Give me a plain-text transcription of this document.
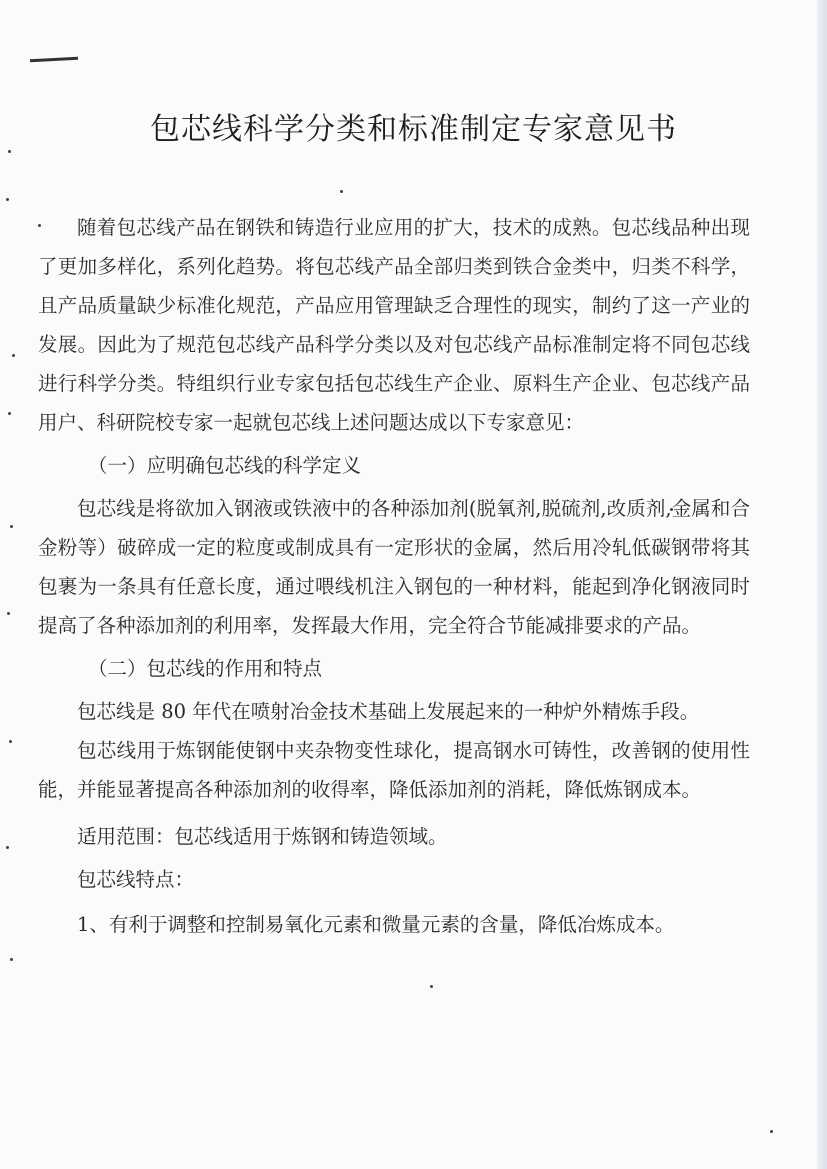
包芯线科学分类和标准制定专家意见书

随着包芯线产品在钢铁和铸造行业应用的扩大，技术的成熟。包芯线品种出现了更加多样化，系列化趋势。将包芯线产品全部归类到铁合金类中，归类不科学，且产品质量缺少标准化规范，产品应用管理缺乏合理性的现实，制约了这一产业的发展。因此为了规范包芯线产品科学分类以及对包芯线产品标准制定将不同包芯线进行科学分类。特组织行业专家包括包芯线生产企业、原料生产企业、包芯线产品用户、科研院校专家一起就包芯线上述问题达成以下专家意见：

（一）应明确包芯线的科学定义

包芯线是将欲加入钢液或铁液中的各种添加剂(脱氧剂,脱硫剂,改质剂,金属和合金粉等）破碎成一定的粒度或制成具有一定形状的金属，然后用冷轧低碳钢带将其包裹为一条具有任意长度，通过喂线机注入钢包的一种材料，能起到净化钢液同时提高了各种添加剂的利用率，发挥最大作用，完全符合节能减排要求的产品。

（二）包芯线的作用和特点

包芯线是 80 年代在喷射冶金技术基础上发展起来的一种炉外精炼手段。

包芯线用于炼钢能使钢中夹杂物变性球化，提高钢水可铸性，改善钢的使用性能，并能显著提高各种添加剂的收得率，降低添加剂的消耗，降低炼钢成本。

适用范围：包芯线适用于炼钢和铸造领域。

包芯线特点：

1、有利于调整和控制易氧化元素和微量元素的含量，降低冶炼成本。
